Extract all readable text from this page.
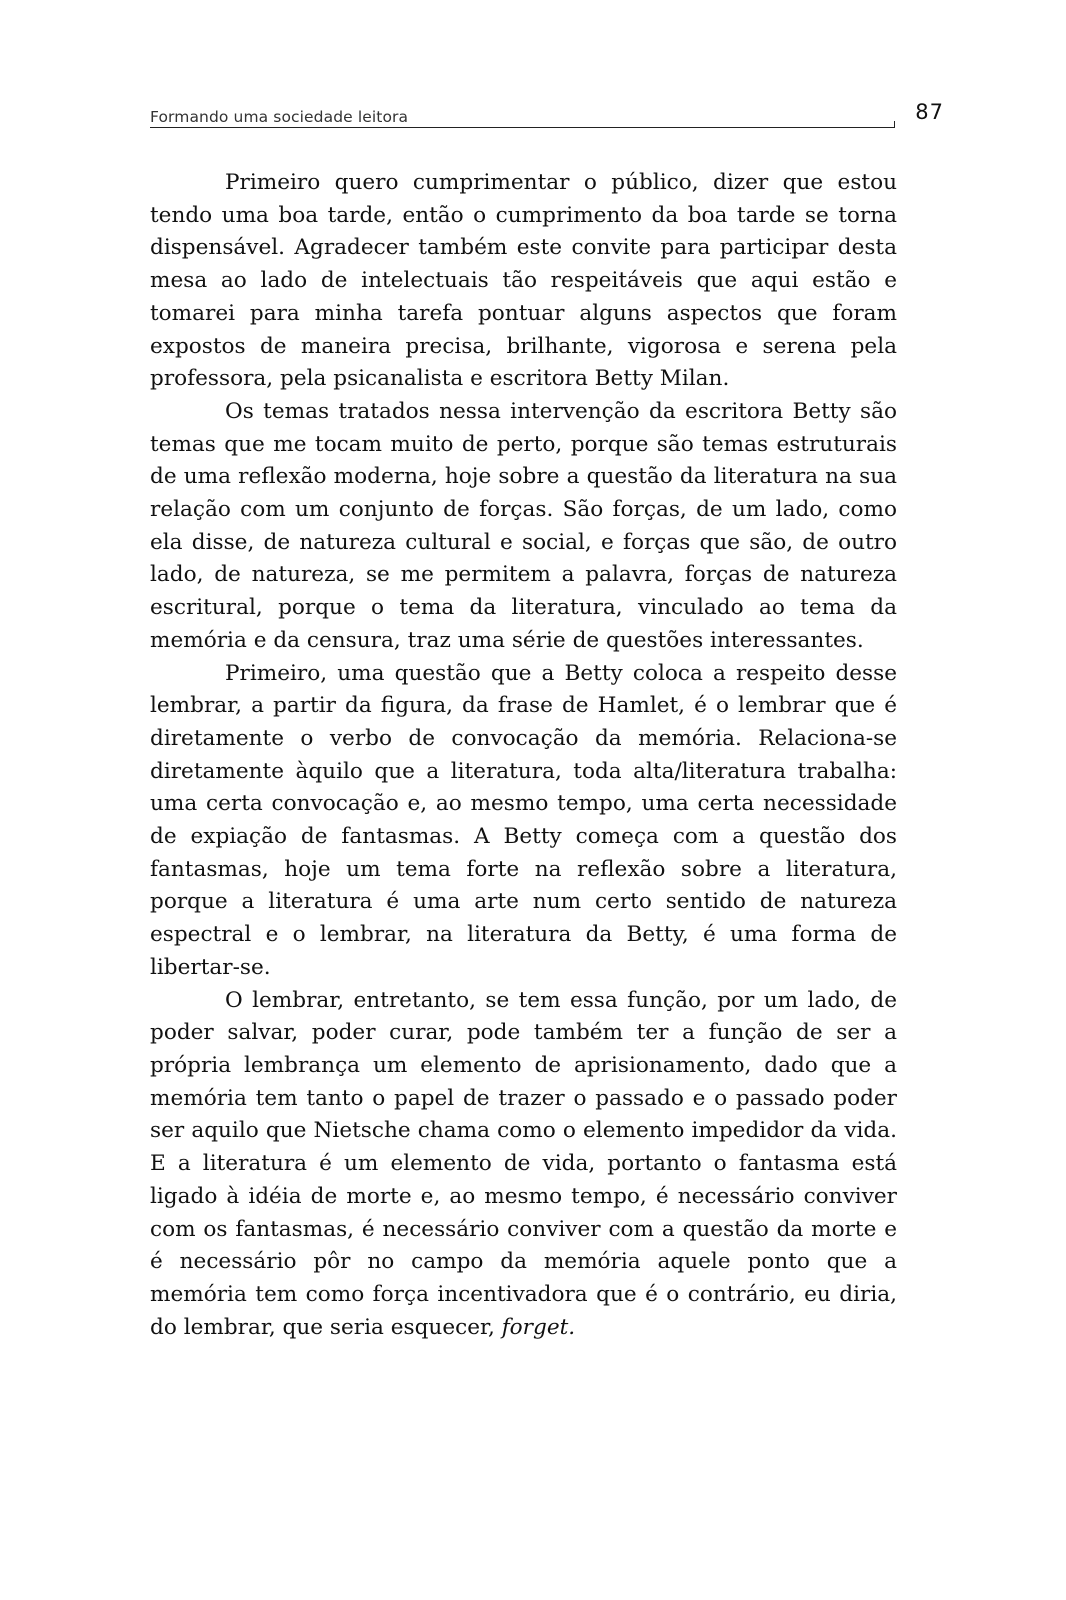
Formando uma sociedade leitora	87

Primeiro quero cumprimentar o público, dizer que estou tendo uma boa tarde, então o cumprimento da boa tarde se torna dispensável. Agradecer também este convite para participar desta mesa ao lado de intelectuais tão respeitáveis que aqui estão e tomarei para minha tarefa pontuar alguns aspectos que foram expostos de maneira precisa, brilhante, vigorosa e serena pela professora, pela psicanalista e escritora Betty Milan.

Os temas tratados nessa intervenção da escritora Betty são temas que me tocam muito de perto, porque são temas estruturais de uma reflexão moderna, hoje sobre a questão da literatura na sua relação com um conjunto de forças. São forças, de um lado, como ela disse, de natureza cultural e social, e forças que são, de outro lado, de natureza, se me permitem a palavra, forças de natureza escritural, porque o tema da literatura, vinculado ao tema da memória e da censura, traz uma série de questões interessantes.

Primeiro, uma questão que a Betty coloca a respeito desse lembrar, a partir da figura, da frase de Hamlet, é o lembrar que é diretamente o verbo de convocação da memória. Relaciona-se diretamente àquilo que a literatura, toda alta/literatura trabalha: uma certa convocação e, ao mesmo tempo, uma certa necessidade de expiação de fantasmas. A Betty começa com a questão dos fantasmas, hoje um tema forte na reflexão sobre a literatura, porque a literatura é uma arte num certo sentido de natureza espectral e o lembrar, na literatura da Betty, é uma forma de libertar-se.

O lembrar, entretanto, se tem essa função, por um lado, de poder salvar, poder curar, pode também ter a função de ser a própria lembrança um elemento de aprisionamento, dado que a memória tem tanto o papel de trazer o passado e o passado poder ser aquilo que Nietsche chama como o elemento impedidor da vida. E a literatura é um elemento de vida, portanto o fantasma está ligado à idéia de morte e, ao mesmo tempo, é necessário conviver com os fantasmas, é necessário conviver com a questão da morte e é necessário pôr no campo da memória aquele ponto que a memória tem como força incentivadora que é o contrário, eu diria, do lembrar, que seria esquecer, forget.
